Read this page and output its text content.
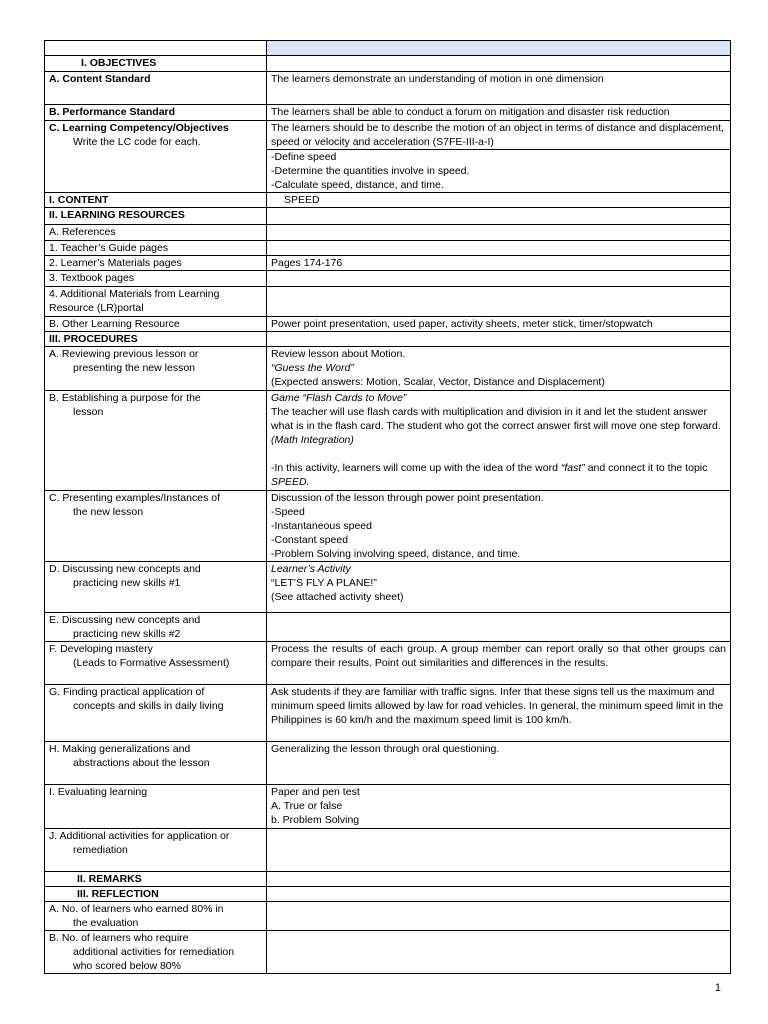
I. OBJECTIVES	
A. Content Standard	The learners demonstrate an understanding of motion in one dimension
B. Performance Standard	The learners shall be able to conduct a forum on mitigation and disaster risk reduction

C. Learning Competency/Objectives
Write the LC code for each.	The learners should be to describe the motion of an object in terms of distance and displacement, speed or velocity and acceleration (S7FE-III-a-I)

	-Define speed
-Determine the quantities involve in speed.
-Calculate speed, distance, and time.

I. CONTENT	SPEED
II. LEARNING RESOURCES	
A. References	
1. Teacher’s Guide pages	
2. Learner’s Materials pages	Pages 174-176
3. Textbook pages	
4. Additional Materials from Learning Resource (LR)portal	
B. Other Learning Resource	Power point presentation, used paper, activity sheets, meter stick, timer/stopwatch
III. PROCEDURES	

A. Reviewing previous lesson or
presenting the new lesson	Review lesson about Motion.
“Guess the Word”
(Expected answers: Motion, Scalar, Vector, Distance and Displacement)

B. Establishing a purpose for the
lesson	Game “Flash Cards to Move”
The teacher will use flash cards with multiplication and division in it and let the student answer what is in the flash card. The student who got the correct answer first will move one step forward. (Math Integration)
-In this activity, learners will come up with the idea of the word “fast” and connect it to the topic SPEED.

C. Presenting examples/Instances of
the new lesson	Discussion of the lesson through power point presentation.
-Speed
-Instantaneous speed
-Constant speed
-Problem Solving involving speed, distance, and time.

D. Discussing new concepts and
practicing new skills #1	Learner’s Activity
“LET’S FLY A PLANE!”
(See attached activity sheet)

E. Discussing new concepts and
practicing new skills #2	

F. Developing mastery
(Leads to Formative Assessment)	Process the results of each group. A group member can report orally so that other groups can compare their results. Point out similarities and differences in the results.

G. Finding practical application of
concepts and skills in daily living	Ask students if they are familiar with traffic signs. Infer that these signs tell us the maximum and minimum speed limits allowed by law for road vehicles. In general, the minimum speed limit in the Philippines is 60 km/h and the maximum speed limit is 100 km/h.

H. Making generalizations and
abstractions about the lesson	Generalizing the lesson through oral questioning.
I. Evaluating learning	Paper and pen test
A. True or false
b. Problem Solving

J. Additional activities for application or
remediation	

II. REMARKS	
III. REFLECTION	

A. No. of learners who earned 80% in
the evaluation	

B. No. of learners who require
additional activities for remediation
who scored below 80%	

1
